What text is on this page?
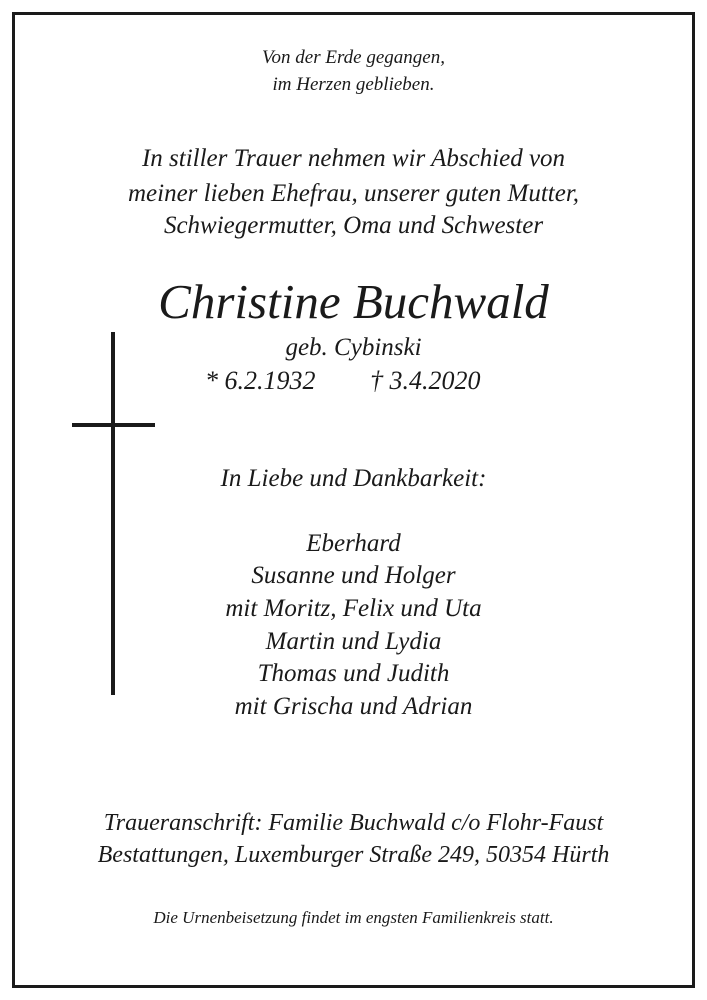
Von der Erde gegangen,
im Herzen geblieben.
In stiller Trauer nehmen wir Abschied von
meiner lieben Ehefrau, unserer guten Mutter,
Schwiegermutter, Oma und Schwester
Christine Buchwald
geb. Cybinski
* 6.2.1932 † 3.4.2020
In Liebe und Dankbarkeit:
Eberhard
Susanne und Holger
mit Moritz, Felix und Uta
Martin und Lydia
Thomas und Judith
mit Grischa und Adrian
Traueranschrift: Familie Buchwald c/o Flohr-Faust
Bestattungen, Luxemburger Straße 249, 50354 Hürth
Die Urnenbeisetzung findet im engsten Familienkreis statt.
